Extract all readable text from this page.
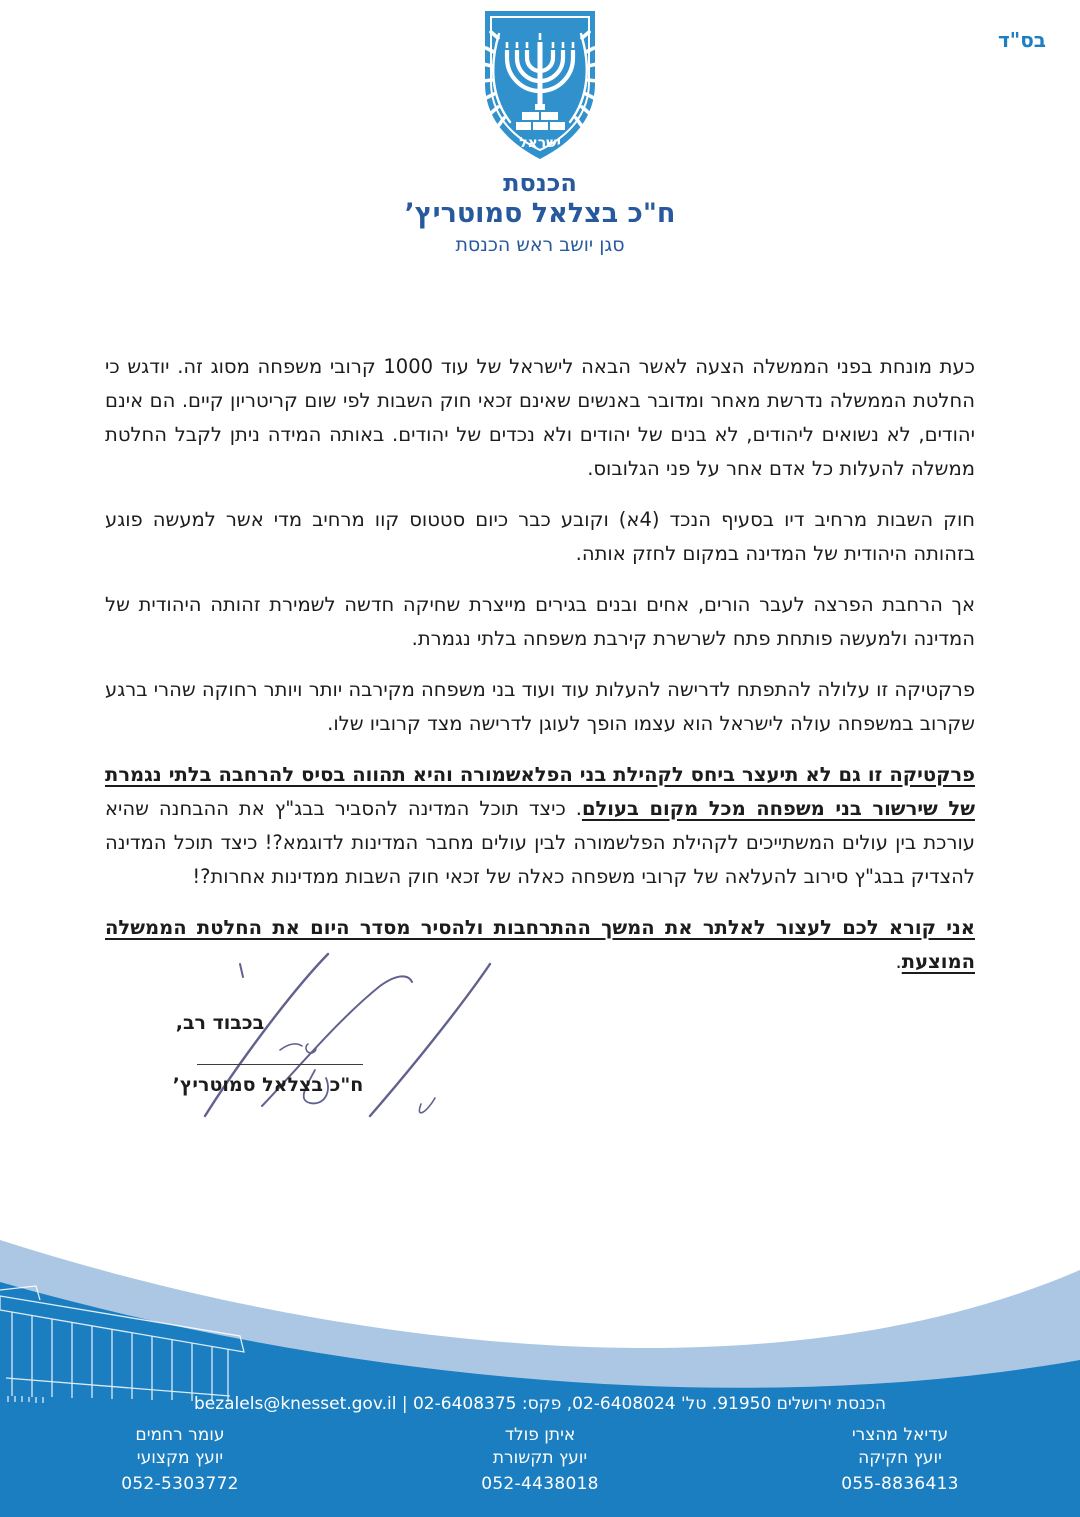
בס"ד
ישראל
הכנסת
ח"כ בצלאל סמוטריץ’
סגן יושב ראש הכנסת

כעת מונחת בפני הממשלה הצעה לאשר הבאה לישראל של עוד 1000 קרובי משפחה מסוג זה. יודגש כי החלטת הממשלה נדרשת מאחר ומדובר באנשים שאינם זכאי חוק השבות לפי שום קריטריון קיים. הם אינם יהודים, לא נשואים ליהודים, לא בנים של יהודים ולא נכדים של יהודים. באותה המידה ניתן לקבל החלטת ממשלה להעלות כל אדם אחר על פני הגלובוס.

חוק השבות מרחיב דיו בסעיף הנכד (4א) וקובע כבר כיום סטטוס קוו מרחיב מדי אשר למעשה פוגע בזהותה היהודית של המדינה במקום לחזק אותה.

אך הרחבת הפרצה לעבר הורים, אחים ובנים בגירים מייצרת שחיקה חדשה לשמירת זהותה היהודית של המדינה ולמעשה פותחת פתח לשרשרת קירבת משפחה בלתי נגמרת.

פרקטיקה זו עלולה להתפתח לדרישה להעלות עוד ועוד בני משפחה מקירבה יותר ויותר רחוקה שהרי ברגע שקרוב במשפחה עולה לישראל הוא עצמו הופך לעוגן לדרישה מצד קרוביו שלו.

פרקטיקה זו גם לא תיעצר ביחס לקהילת בני הפלאשמורה והיא תהווה בסיס להרחבה בלתי נגמרת של שירשור בני משפחה מכל מקום בעולם. כיצד תוכל המדינה להסביר בבג"ץ את ההבחנה שהיא עורכת בין עולים המשתייכים לקהילת הפלשמורה לבין עולים מחבר המדינות לדוגמא?! כיצד תוכל המדינה להצדיק בבג"ץ סירוב להעלאה של קרובי משפחה כאלה של זכאי חוק השבות ממדינות אחרות?!

אני קורא לכם לעצור לאלתר את המשך ההתרחבות ולהסיר מסדר היום את החלטת הממשלה המוצעת.

בכבוד רב,
ח"כ בצלאל סמוטריץ’
הכנסת ירושלים 91950. טל' 02-6408024, פקס: 02-6408375 | bezalels@knesset.gov.il
עדיאל מהצרי
יועץ חקיקה
055-8836413
איתן פולד
יועץ תקשורת
052-4438018
עומר רחמים
יועץ מקצועי
052-5303772
